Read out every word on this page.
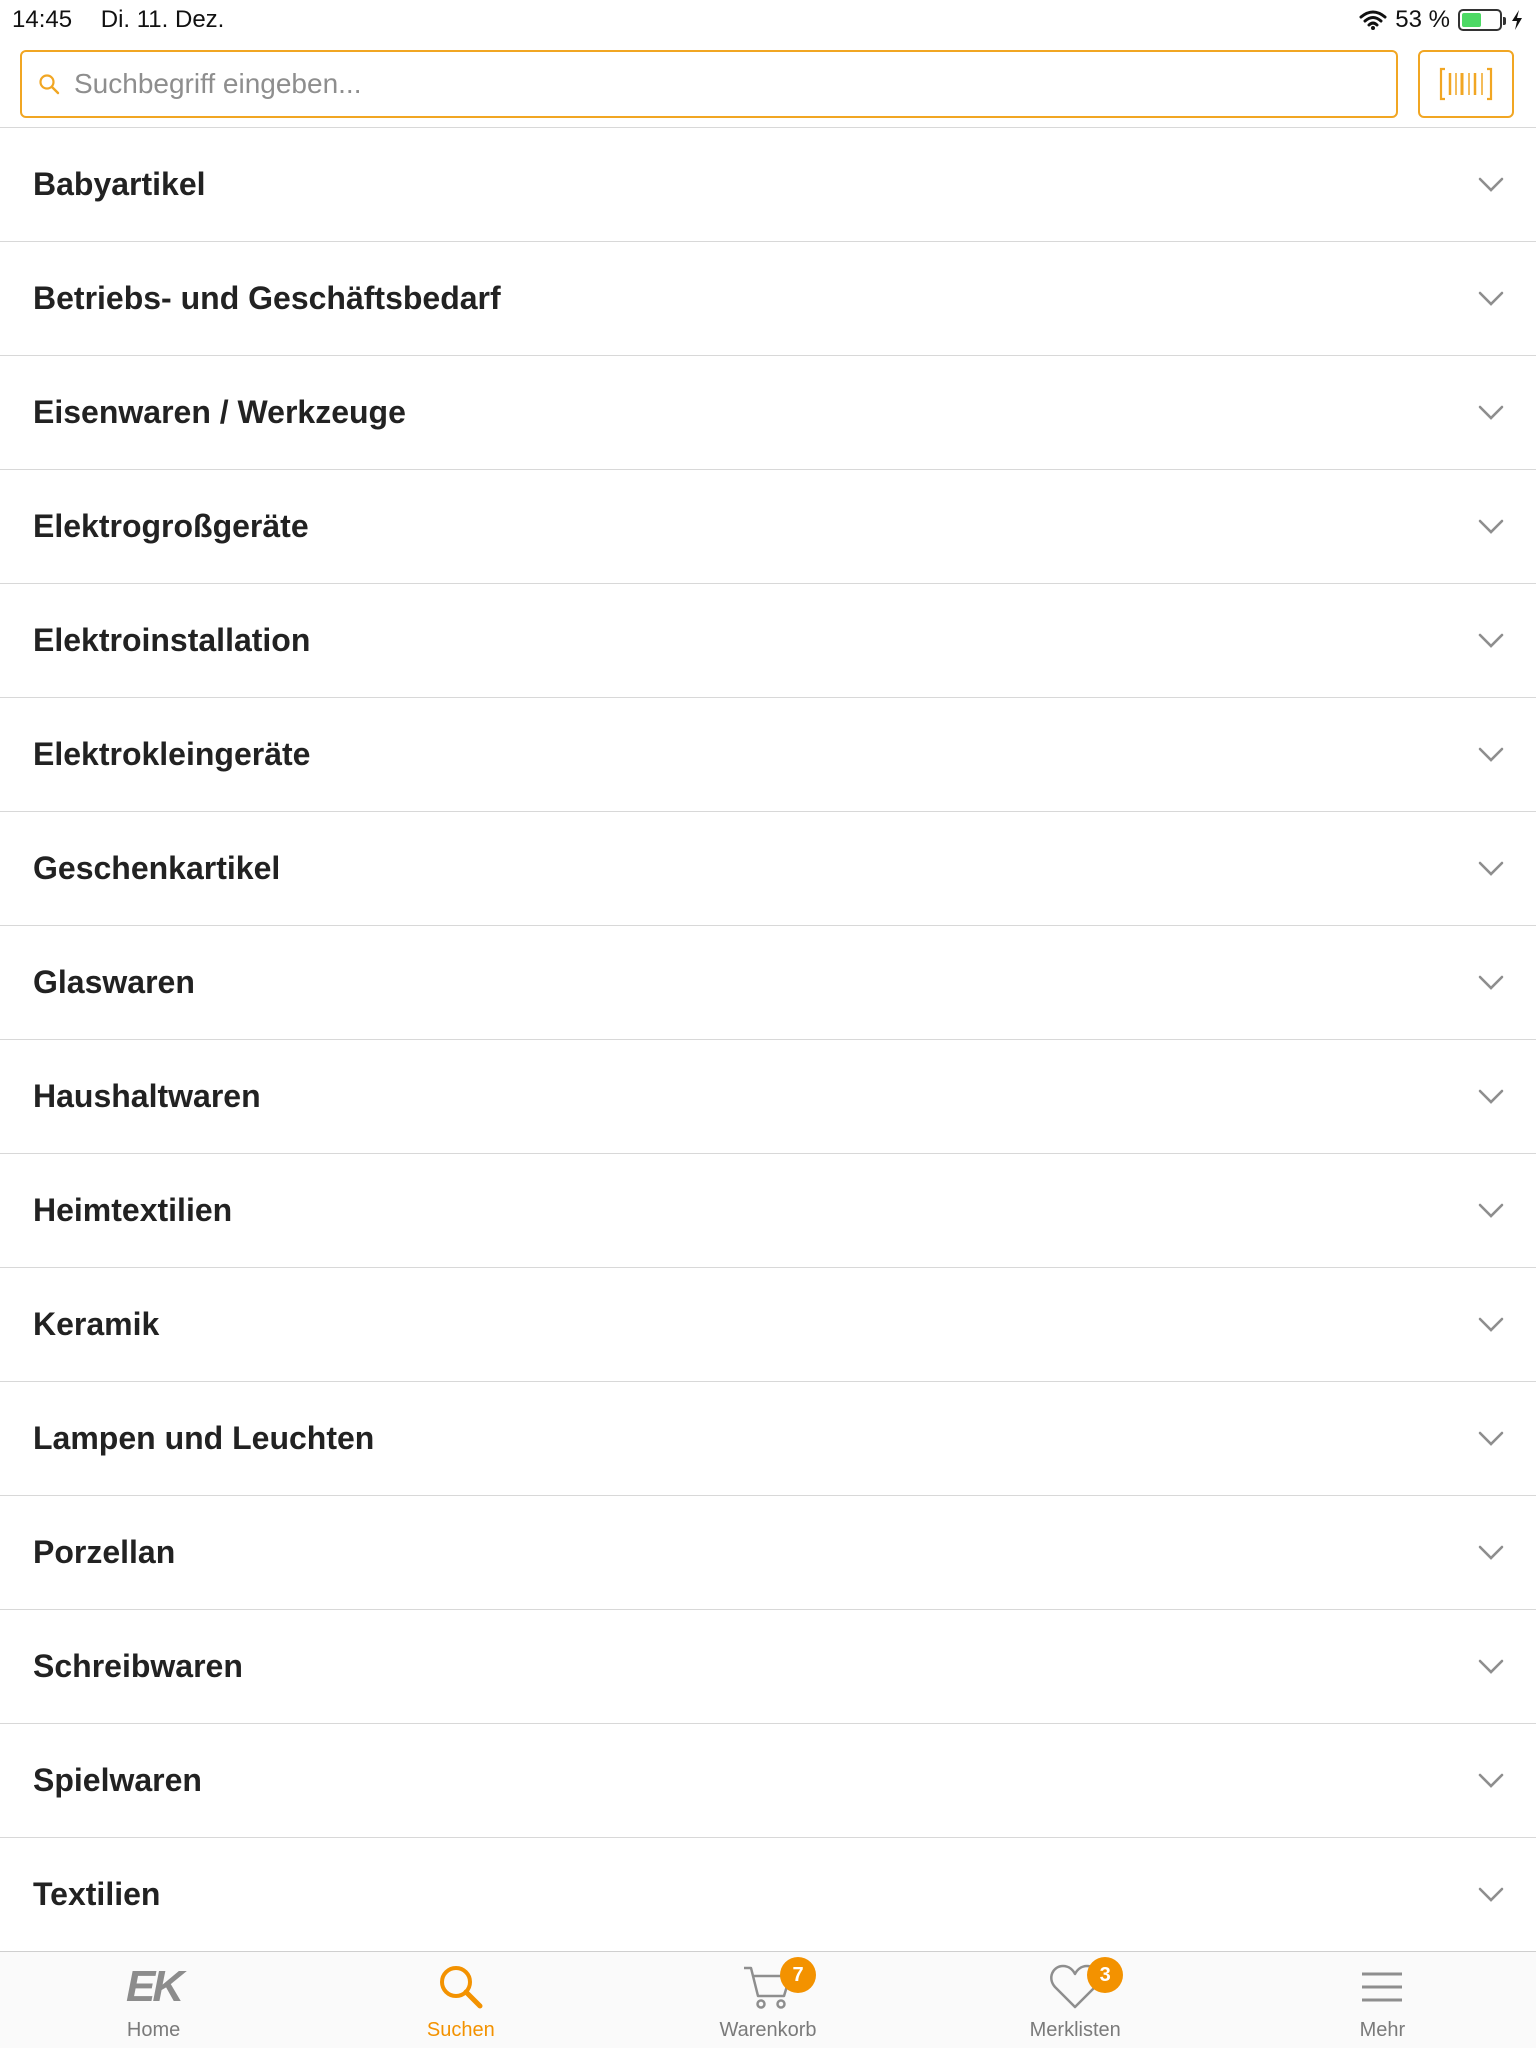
14:45 Di. 11. Dez.	53 %
Suchbegriff eingeben...
Babyartikel
Betriebs- und Geschäftsbedarf
Eisenwaren / Werkzeuge
Elektrogroßgeräte
Elektroinstallation
Elektrokleingeräte
Geschenkartikel
Glaswaren
Haushaltwaren
Heimtextilien
Keramik
Lampen und Leuchten
Porzellan
Schreibwaren
Spielwaren
Textilien
EK
Home	Suchen
7
Warenkorb
3
Merklisten	Mehr
